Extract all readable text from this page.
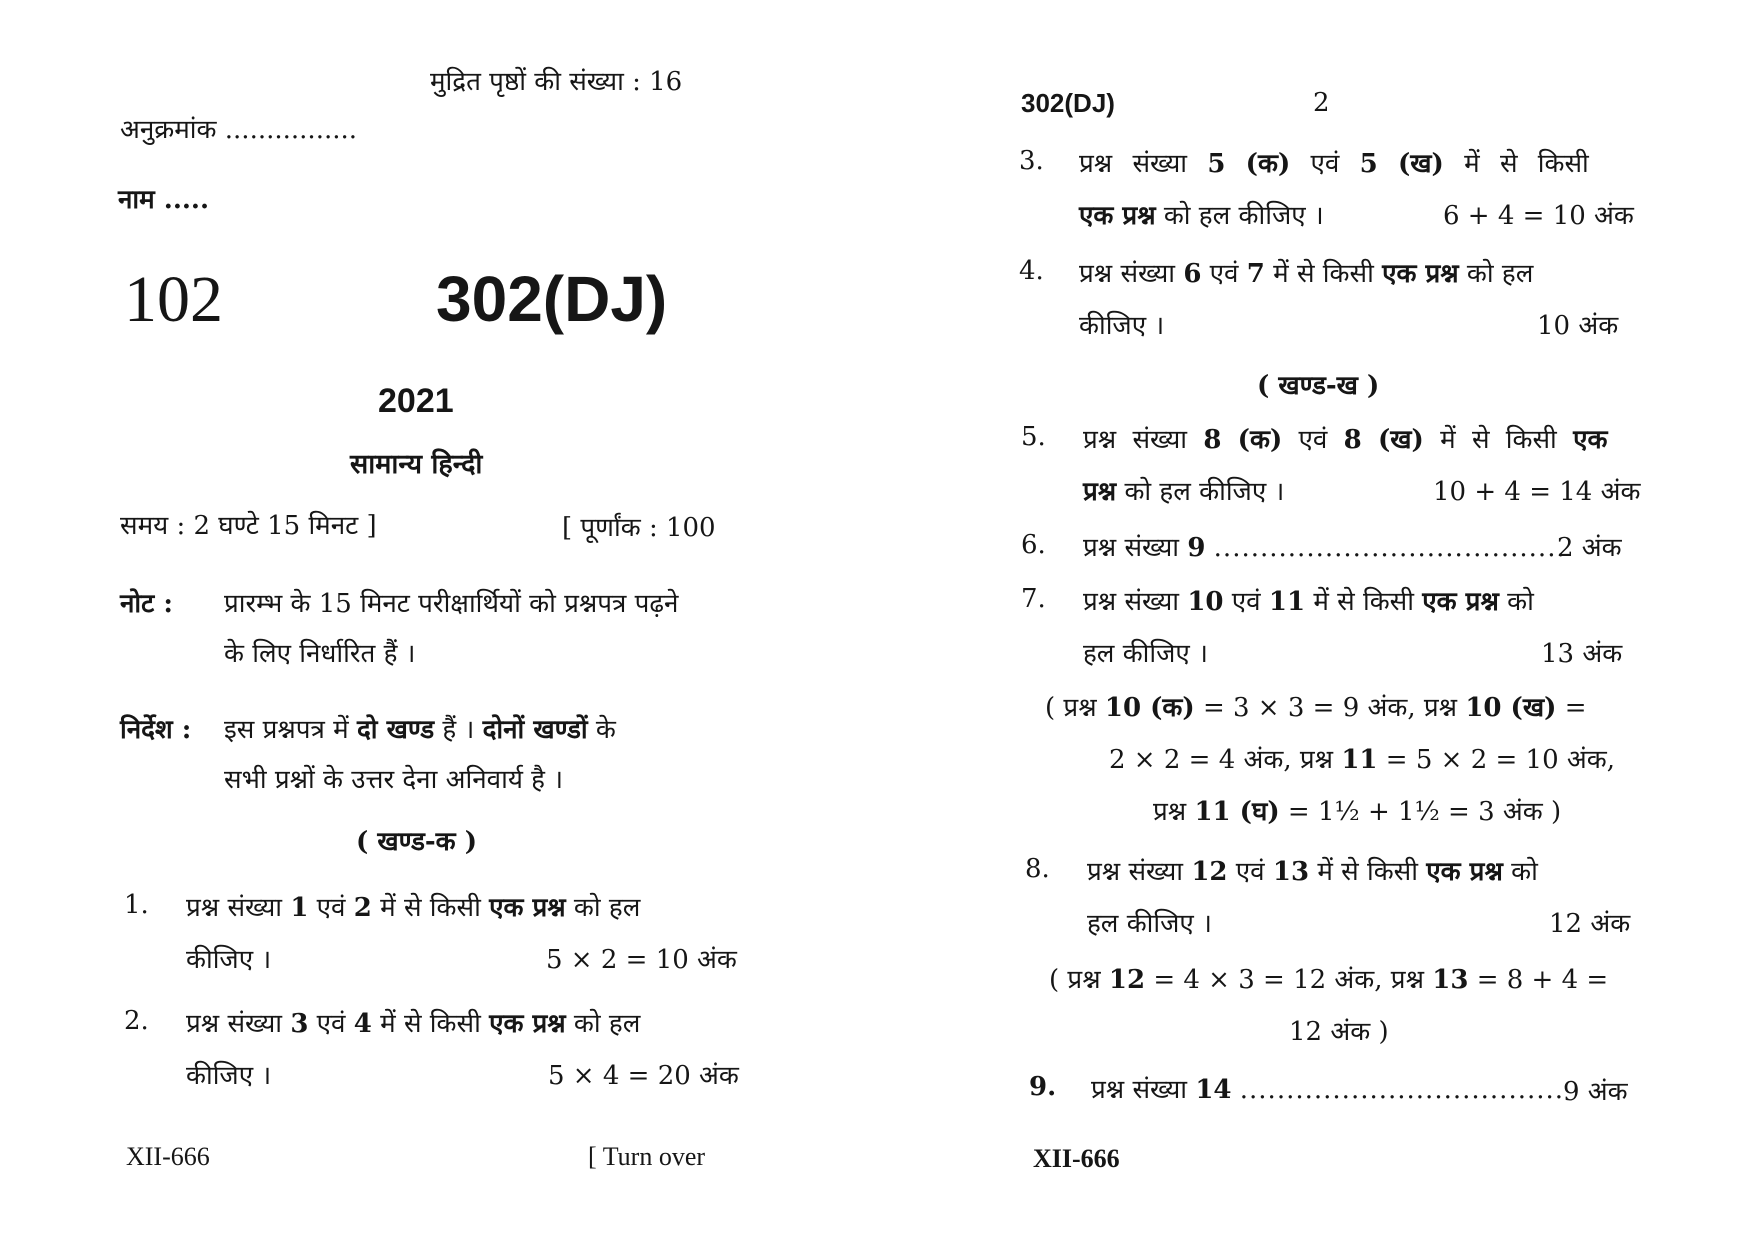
मुद्रित पृष्ठों की संख्या : 16
अनुक्रमांक ................
नाम .....
102	302(DJ)
2021
सामान्य हिन्दी
समय : 2 घण्टे 15 मिनट ]	[ पूर्णांक : 100
नोट : प्रारम्भ के 15 मिनट परीक्षार्थियों को प्रश्नपत्र पढ़ने
के लिए निर्धारित हैं ।
निर्देश : इस प्रश्नपत्र में दो खण्ड हैं । दोनों खण्डों के
सभी प्रश्नों के उत्तर देना अनिवार्य है ।
( खण्ड-क )
1. प्रश्न संख्या 1 एवं 2 में से किसी एक प्रश्न को हल
कीजिए ।	5 × 2 = 10 अंक
2. प्रश्न संख्या 3 एवं 4 में से किसी एक प्रश्न को हल
कीजिए ।	5 × 4 = 20 अंक
XII-666	[ Turn over
302(DJ)	2
3. प्रश्न संख्या 5 (क) एवं 5 (ख) में से किसी
एक प्रश्न को हल कीजिए ।	6 + 4 = 10 अंक
4. प्रश्न संख्या 6 एवं 7 में से किसी एक प्रश्न को हल
कीजिए ।	10 अंक
( खण्ड-ख )
5. प्रश्न संख्या 8 (क) एवं 8 (ख) में से किसी एक
प्रश्न को हल कीजिए ।	10 + 4 = 14 अंक
6. प्रश्न संख्या 9 ......................................
2 अंक
7. प्रश्न संख्या 10 एवं 11 में से किसी एक प्रश्न को
हल कीजिए ।	13 अंक
( प्रश्न 10 (क) = 3 × 3 = 9 अंक, प्रश्न 10 (ख) =
2 × 2 = 4 अंक, प्रश्न 11 = 5 × 2 = 10 अंक,
प्रश्न 11 (घ) = 1½ + 1½ = 3 अंक )
8. प्रश्न संख्या 12 एवं 13 में से किसी एक प्रश्न को
हल कीजिए ।	12 अंक
( प्रश्न 12 = 4 × 3 = 12 अंक, प्रश्न 13 = 8 + 4 =
12 अंक )
9. प्रश्न संख्या 14 ...................................
9 अंक
XII-666
